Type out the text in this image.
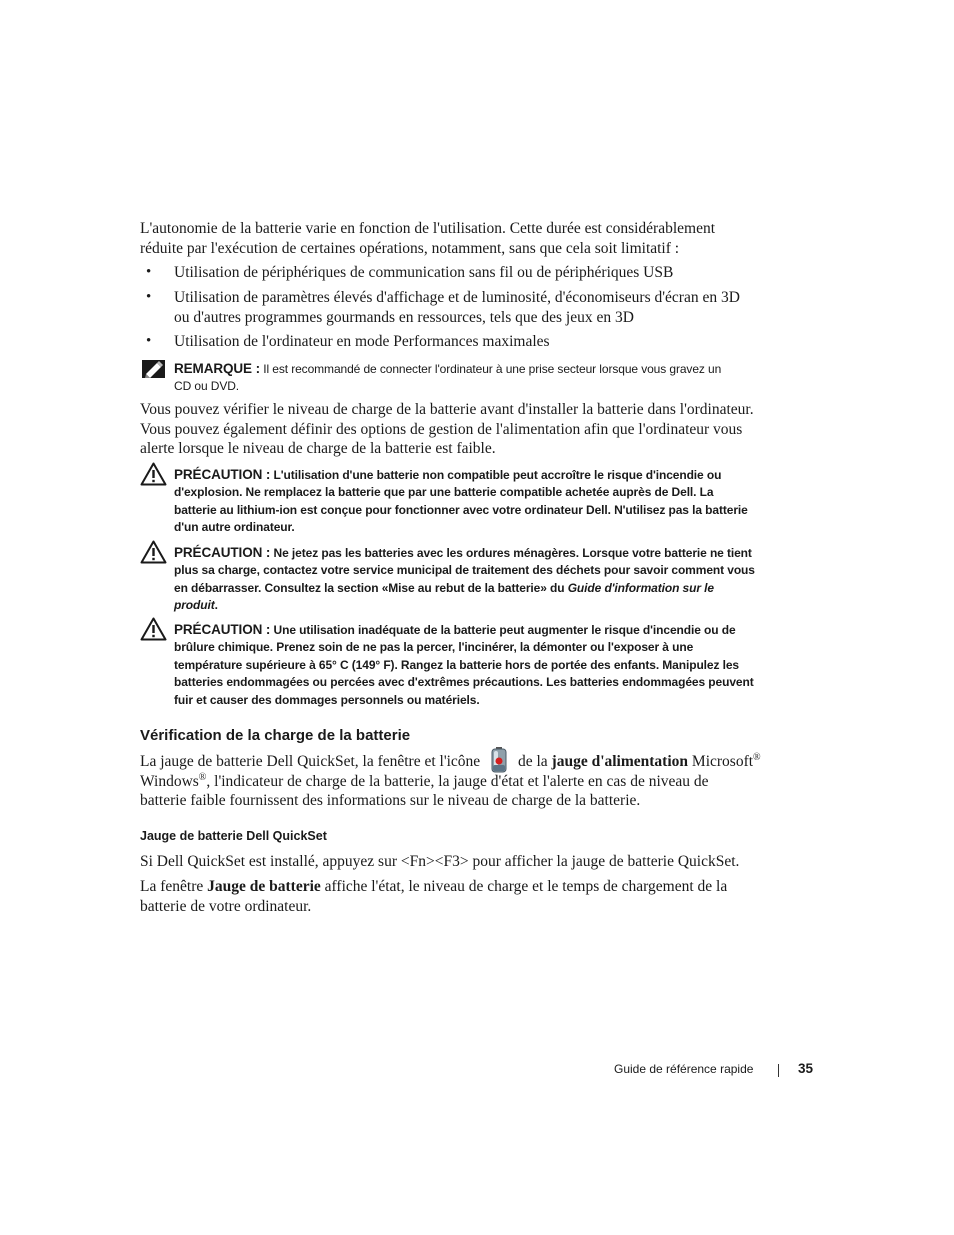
L'autonomie de la batterie varie en fonction de l'utilisation. Cette durée est considérablement
réduite par l'exécution de certaines opérations, notamment, sans que cela soit limitatif :
• Utilisation de périphériques de communication sans fil ou de périphériques USB
• Utilisation de paramètres élevés d'affichage et de luminosité, d'économiseurs d'écran en 3D
ou d'autres programmes gourmands en ressources, tels que des jeux en 3D
• Utilisation de l'ordinateur en mode Performances maximales
REMARQUE : Il est recommandé de connecter l'ordinateur à une prise secteur lorsque vous gravez un
CD ou DVD.
Vous pouvez vérifier le niveau de charge de la batterie avant d'installer la batterie dans l'ordinateur.
Vous pouvez également définir des options de gestion de l'alimentation afin que l'ordinateur vous
alerte lorsque le niveau de charge de la batterie est faible.
PRÉCAUTION : L'utilisation d'une batterie non compatible peut accroître le risque d'incendie ou
d'explosion. Ne remplacez la batterie que par une batterie compatible achetée auprès de Dell. La
batterie au lithium-ion est conçue pour fonctionner avec votre ordinateur Dell. N'utilisez pas la batterie
d'un autre ordinateur.
PRÉCAUTION : Ne jetez pas les batteries avec les ordures ménagères. Lorsque votre batterie ne tient
plus sa charge, contactez votre service municipal de traitement des déchets pour savoir comment vous
en débarrasser. Consultez la section «Mise au rebut de la batterie» du Guide d'information sur le
produit.
PRÉCAUTION : Une utilisation inadéquate de la batterie peut augmenter le risque d'incendie ou de
brûlure chimique. Prenez soin de ne pas la percer, l'incinérer, la démonter ou l'exposer à une
température supérieure à 65° C (149° F). Rangez la batterie hors de portée des enfants. Manipulez les
batteries endommagées ou percées avec d'extrêmes précautions. Les batteries endommagées peuvent
fuir et causer des dommages personnels ou matériels.
Vérification de la charge de la batterie
La jauge de batterie Dell QuickSet, la fenêtre et l'icône de la jauge d'alimentation Microsoft®
Windows®, l'indicateur de charge de la batterie, la jauge d'état et l'alerte en cas de niveau de
batterie faible fournissent des informations sur le niveau de charge de la batterie.
Jauge de batterie Dell QuickSet
Si Dell QuickSet est installé, appuyez sur <Fn><F3> pour afficher la jauge de batterie QuickSet.
La fenêtre Jauge de batterie affiche l'état, le niveau de charge et le temps de chargement de la
batterie de votre ordinateur.
Guide de référence rapide	35
